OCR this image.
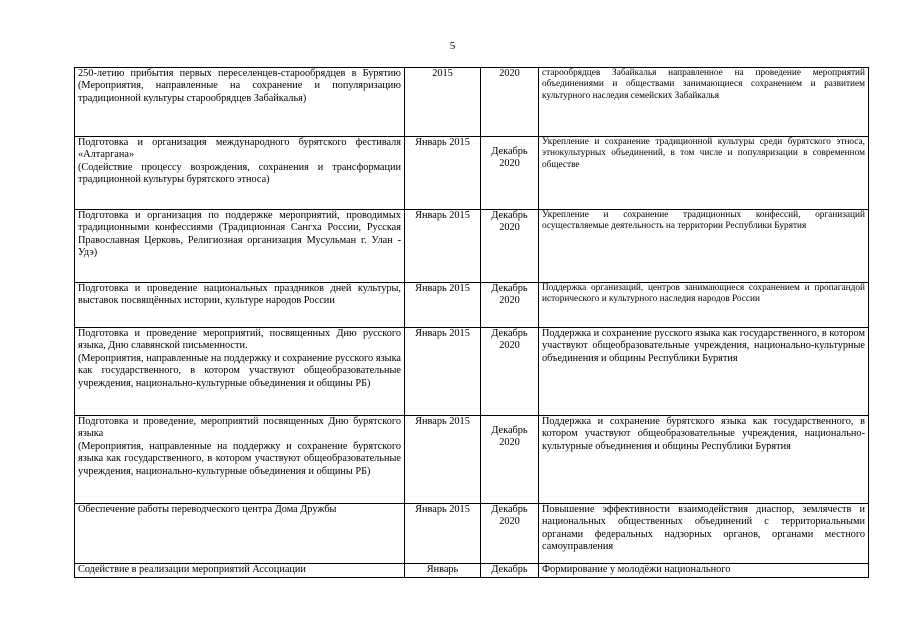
5
250-летию прибытия первых переселенцев-старообрядцев в Бурятию (Мероприятия, направленные на сохранение и популяризацию традиционной культуры старообрядцев Забайкалья)	2015	2020	старообрядцев Забайкалья направленное на проведение мероприятий объединениями и обществами занимающиеся сохранением и развитием культурного наследия семейских Забайкалья

Подготовка и организация международного бурятского фестиваля «Алтаргана»
(Содействие процессу возрождения, сохранения и трансформации традиционной культуры бурятского этноса)	Январь 2015	Декабрь 2020	Укрепление и сохранение традиционной культуры среди бурятского этноса, этнокультурных объединений, в том числе и популяризации в современном обществе

Подготовка и организация по поддержке мероприятий, проводимых традиционными конфессиями (Традиционная Сангха России, Русская Православная Церковь, Религиозная организация Мусульман г. Улан - Удэ)	Январь 2015	Декабрь 2020	Укрепление и сохранение традиционных конфессий, организаций осуществляемые деятельность на территории Республики Бурятия

Подготовка и проведение национальных праздников дней культуры, выставок посвящённых истории, культуре народов России	Январь 2015	Декабрь 2020	Поддержка организаций, центров занимающиеся сохранением и пропагандой исторического и культурного наследия народов России

Подготовка и проведение мероприятий, посвященных Дню русского языка, Дню славянской письменности.
(Мероприятия, направленные на поддержку и сохранение русского языка как государственного, в котором участвуют общеобразовательные учреждения, национально-культурные объединения и общины РБ)	Январь 2015	Декабрь 2020	Поддержка и сохранение русского языка как государственного, в котором участвуют общеобразовательные учреждения, национально-культурные объединения и общины Республики Бурятия

Подготовка и проведение, мероприятий посвященных Дню бурятского языка
(Мероприятия, направленные на поддержку и сохранение бурятского языка как государственного, в котором участвуют общеобразовательные учреждения, национально-культурные объединения и общины РБ)	Январь 2015	Декабрь 2020	Поддержка и сохранение бурятского языка как государственного, в котором участвуют общеобразовательные учреждения, национально-культурные объединения и общины Республики Бурятия

Обеспечение работы переводческого центра Дома Дружбы	Январь 2015	Декабрь 2020	Повышение эффективности взаимодействия диаспор, землячеств и национальных общественных объединений с территориальными органами федеральных надзорных органов, органами местного самоуправления

Содействие в реализации мероприятий Ассоциации	Январь	Декабрь	Формирование у молодёжи национального
